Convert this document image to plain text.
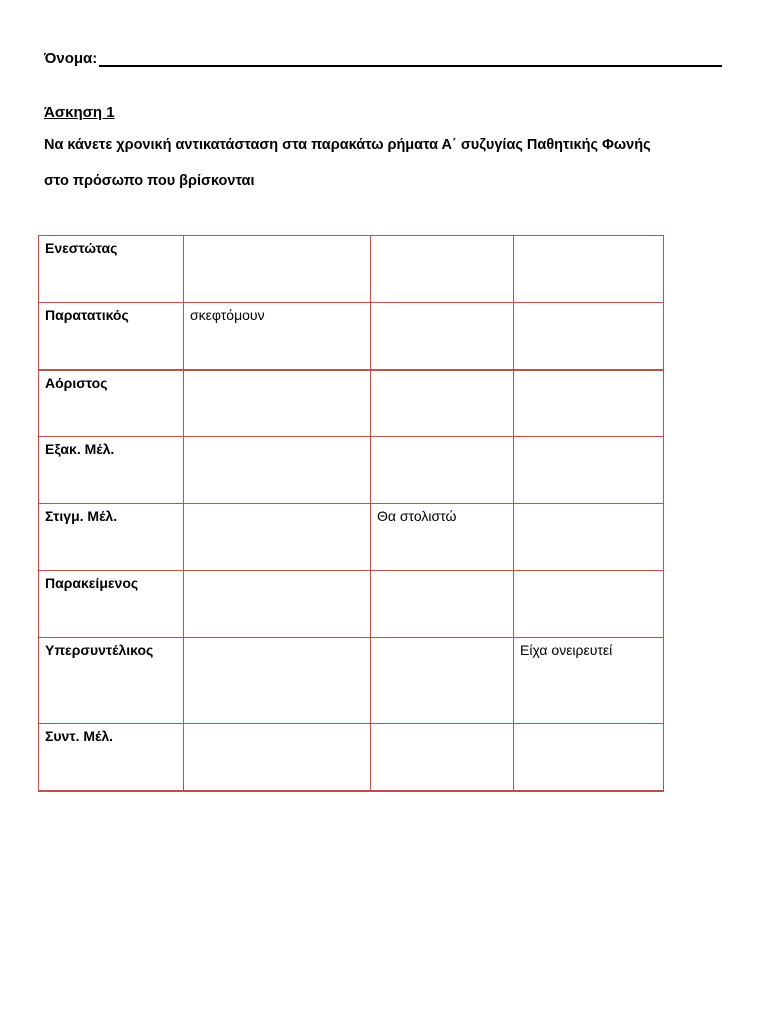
Όνομα:
Άσκηση 1
Να κάνετε χρονική αντικατάσταση στα παρακάτω ρήματα Α΄ συζυγίας Παθητικής Φωνής
στο πρόσωπο που βρίσκονται
Ενεστώτας			
Παρατατικός	σκεφτόμουν		
Αόριστος			
Εξακ. Μέλ.			
Στιγμ. Μέλ.		Θα στολιστώ	
Παρακείμενος			
Υπερσυντέλικος			Είχα ονειρευτεί
Συντ. Μέλ.			
